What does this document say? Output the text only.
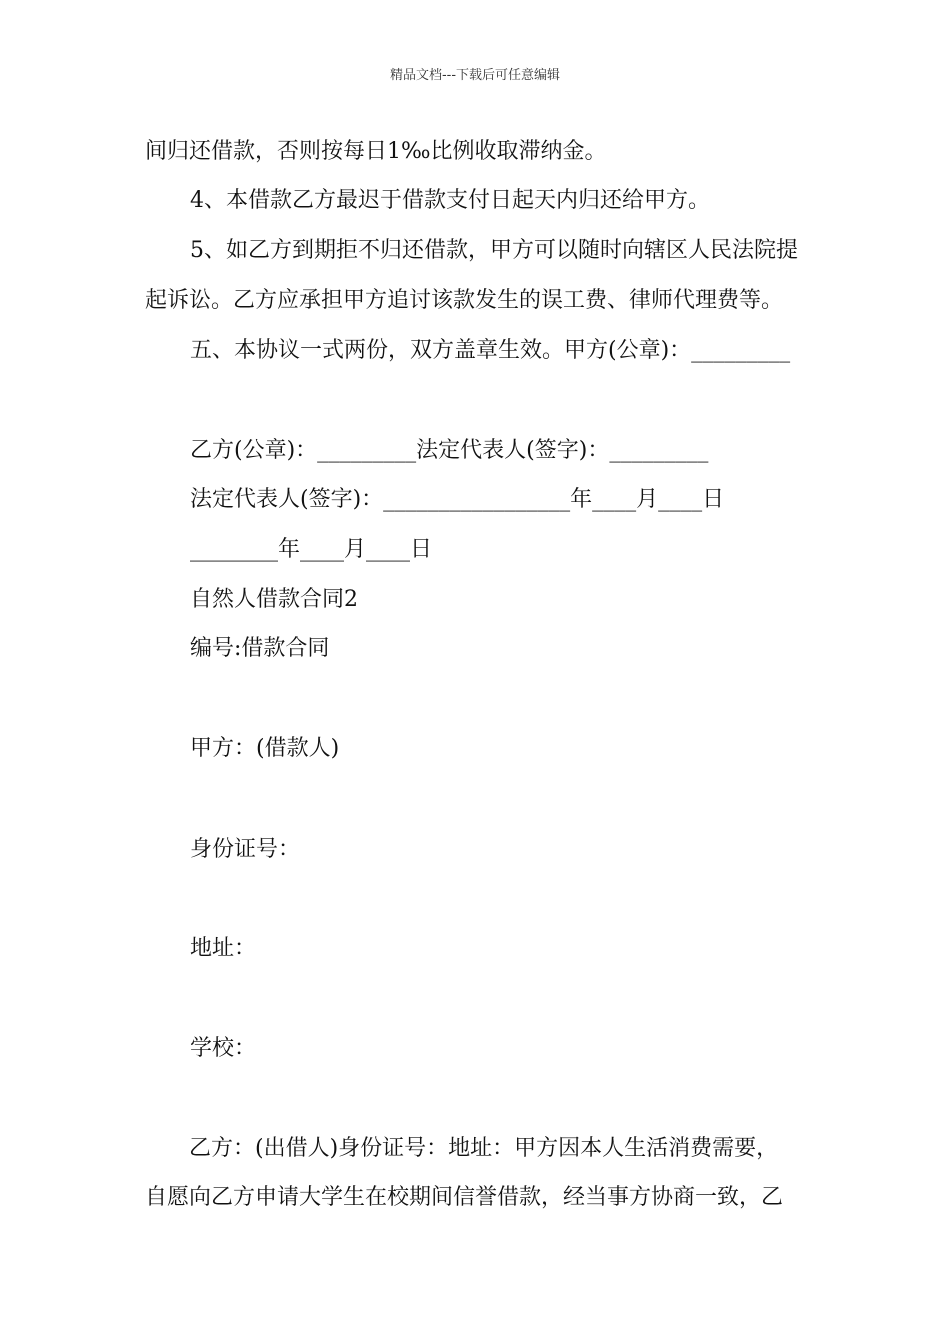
精品文档---下载后可任意编辑
间归还借款，否则按每日1‰比例收取滞纳金。
4、本借款乙方最迟于借款支付日起天内归还给甲方。
5、如乙方到期拒不归还借款，甲方可以随时向辖区人民法院提
起诉讼。乙方应承担甲方追讨该款发生的误工费、律师代理费等。
五、本协议一式两份，双方盖章生效。甲方(公章)：_________
乙方(公章)：_________法定代表人(签字)：_________
法定代表人(签字)：_________________年____月____日
________年____月____日
自然人借款合同2
编号:借款合同
甲方：(借款人)
身份证号：
地址：
学校：
乙方：(出借人)身份证号：地址：甲方因本人生活消费需要，
自愿向乙方申请大学生在校期间信誉借款，经当事方协商一致，乙
